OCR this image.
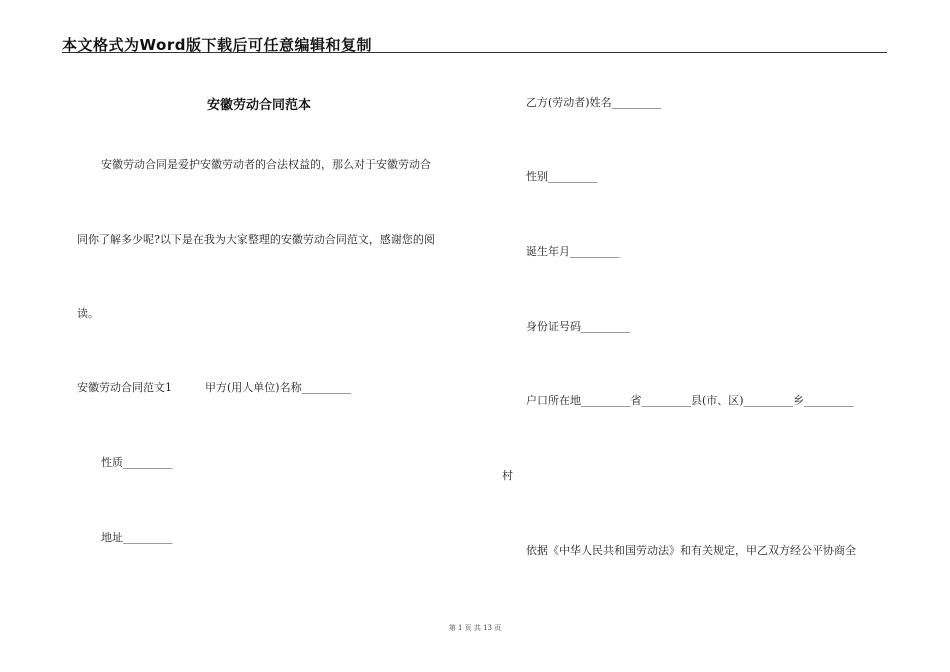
本文格式为Word版下载后可任意编辑和复制
安徽劳动合同范本
安徽劳动合同是爱护安徽劳动者的合法权益的，那么对于安徽劳动合
同你了解多少呢?以下是在我为大家整理的安徽劳动合同范文，感谢您的阅
读。
安徽劳动合同范文1	甲方(用人单位)名称_________
性质_________
地址_________
乙方(劳动者)姓名_________
性别_________
诞生年月_________
身份证号码_________
户口所在地_________省_________县(市、区)_________乡_________
村
依据《中华人民共和国劳动法》和有关规定，甲乙双方经公平协商全
第 1 页 共 13 页
